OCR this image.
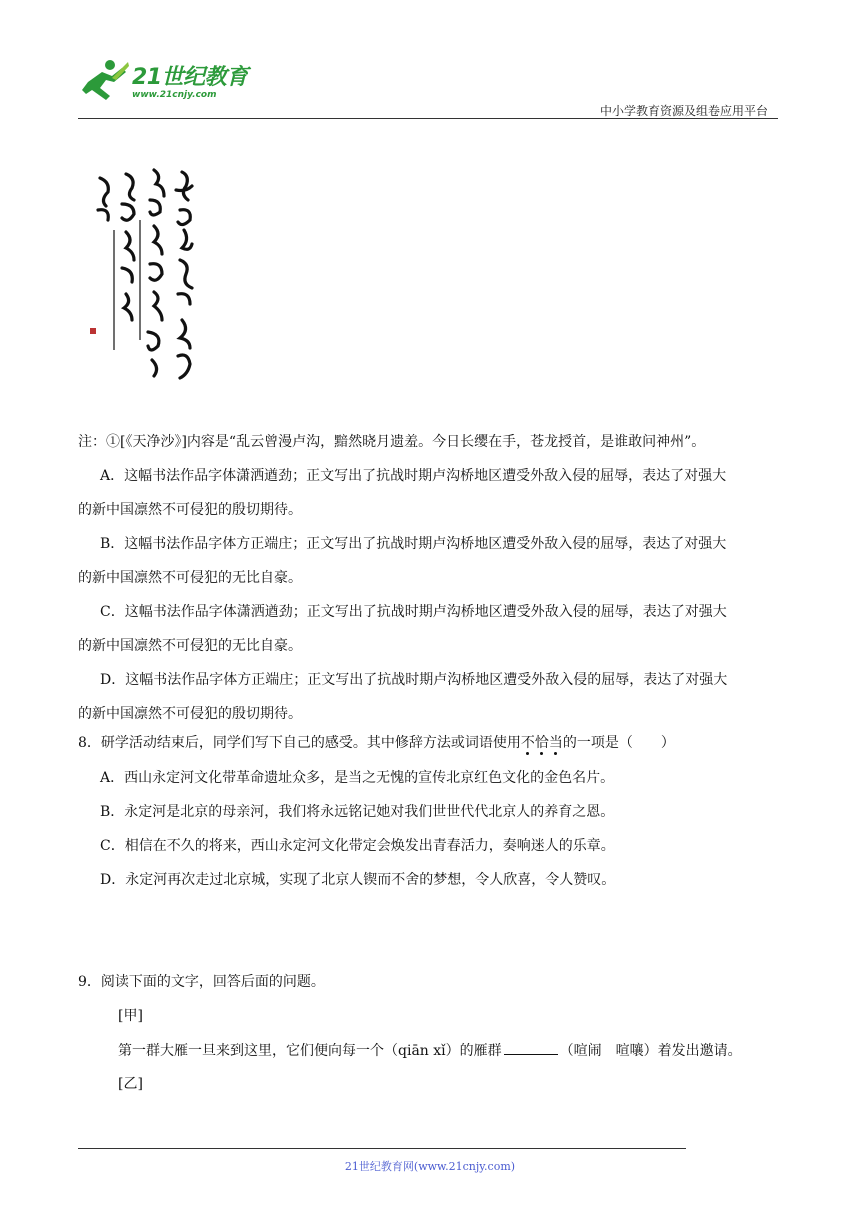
21世纪教育
www.21cnjy.com
中小学教育资源及组卷应用平台
注：①[《天净沙》]内容是“乱云曾漫卢沟，黯然晓月遗羞。今日长缨在手，苍龙授首，是谁敢问神州”。
A．这幅书法作品字体潇洒遒劲；正文写出了抗战时期卢沟桥地区遭受外敌入侵的屈辱，表达了对强大
的新中国凛然不可侵犯的殷切期待。
B．这幅书法作品字体方正端庄；正文写出了抗战时期卢沟桥地区遭受外敌入侵的屈辱，表达了对强大
的新中国凛然不可侵犯的无比自豪。
C．这幅书法作品字体潇洒遒劲；正文写出了抗战时期卢沟桥地区遭受外敌入侵的屈辱，表达了对强大
的新中国凛然不可侵犯的无比自豪。
D．这幅书法作品字体方正端庄；正文写出了抗战时期卢沟桥地区遭受外敌入侵的屈辱，表达了对强大
的新中国凛然不可侵犯的殷切期待。
8．研学活动结束后，同学们写下自己的感受。其中修辞方法或词语使用不恰当的一项是（　　）
A．西山永定河文化带革命遗址众多，是当之无愧的宣传北京红色文化的金色名片。
B．永定河是北京的母亲河，我们将永远铭记她对我们世世代代北京人的养育之恩。
C．相信在不久的将来，西山永定河文化带定会焕发出青春活力，奏响迷人的乐章。
D．永定河再次走过北京城，实现了北京人锲而不舍的梦想，令人欣喜，令人赞叹。
9．阅读下面的文字，回答后面的问题。
[甲]
第一群大雁一旦来到这里，它们便向每一个（qiān xǐ）的雁群	（喧闹　喧嚷）着发出邀请。
[乙]
21世纪教育网(www.21cnjy.com)
